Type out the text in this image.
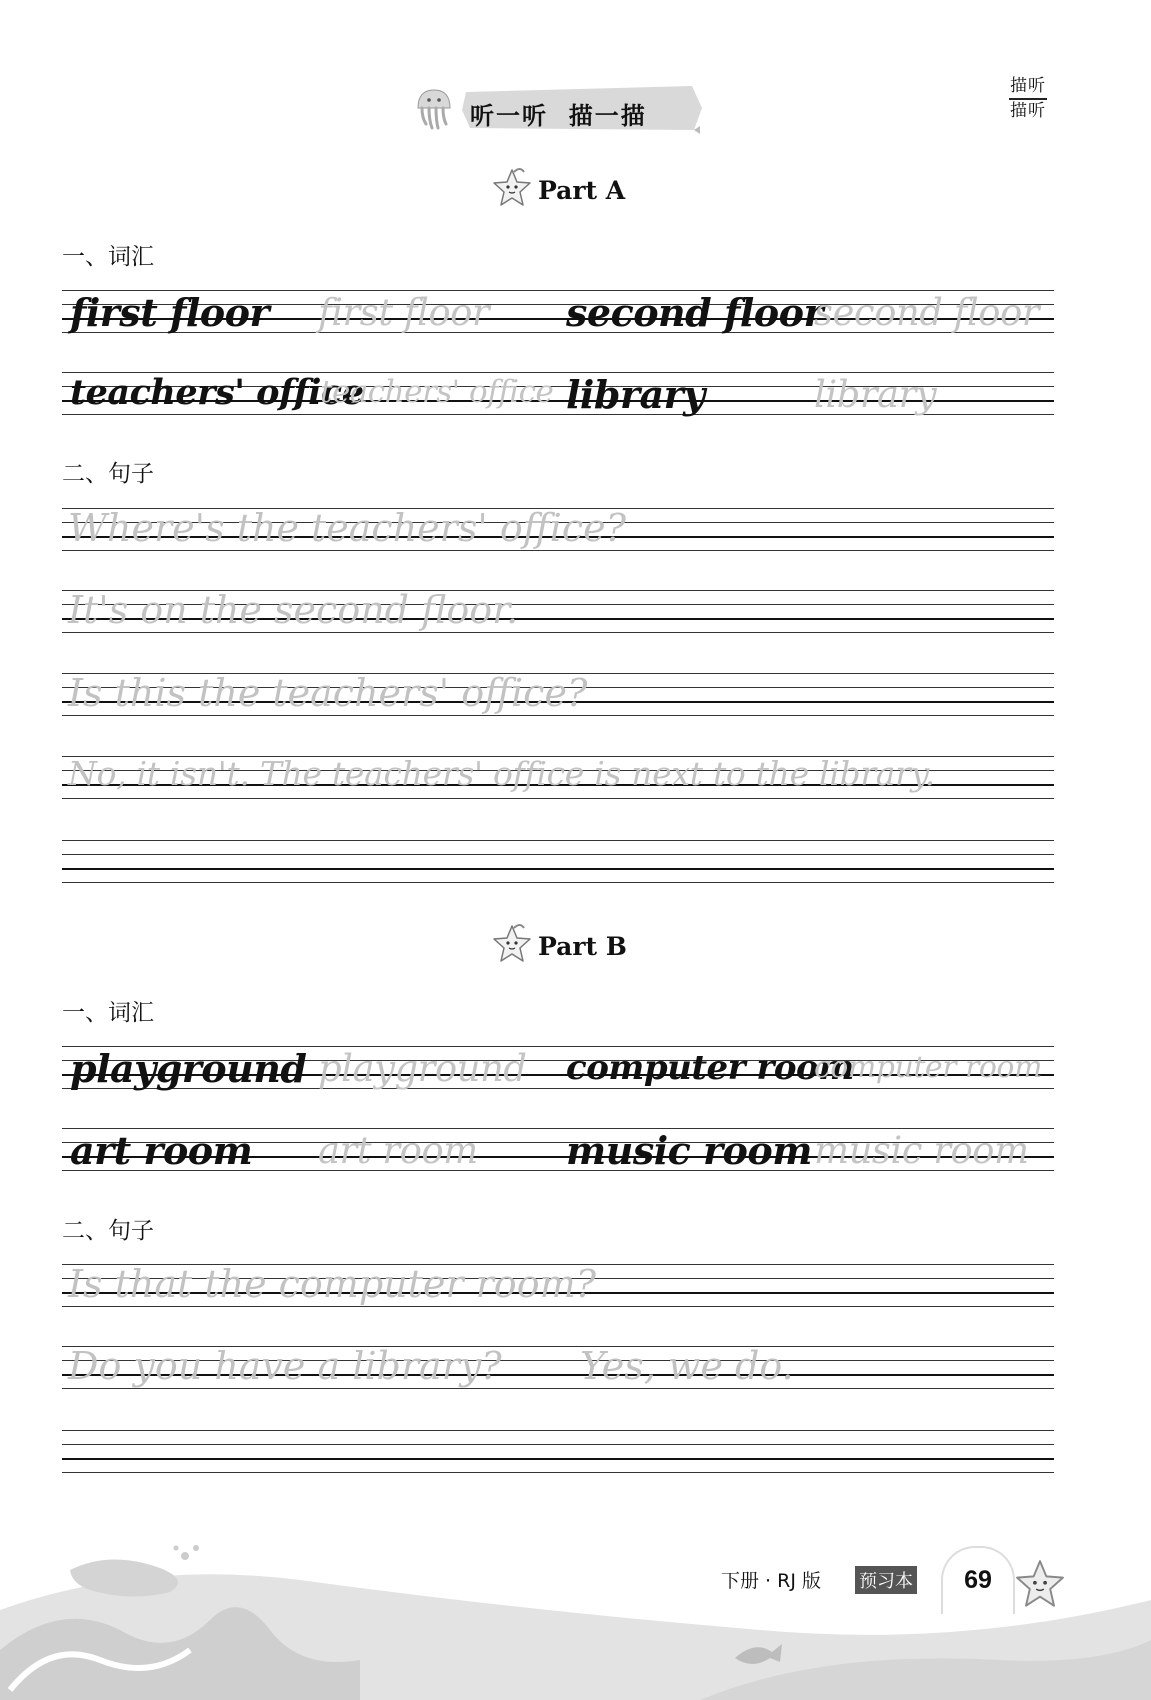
听一听  描一描
描听
描听
Part A
一、词汇
first floor first floor second floor
second floor
teachers' office
teachers' office library	library
二、句子
Where's the teachers' office?
It's on the second floor.
Is this the teachers' office?
No, it isn't. The teachers' office is next to the library.
Part B
一、词汇
playground playground computer room
computer room
art room art room music room music room
二、句子
Is that the computer room?
Do you have a library? Yes, we do.
下册 · RJ 版 预习本	69
